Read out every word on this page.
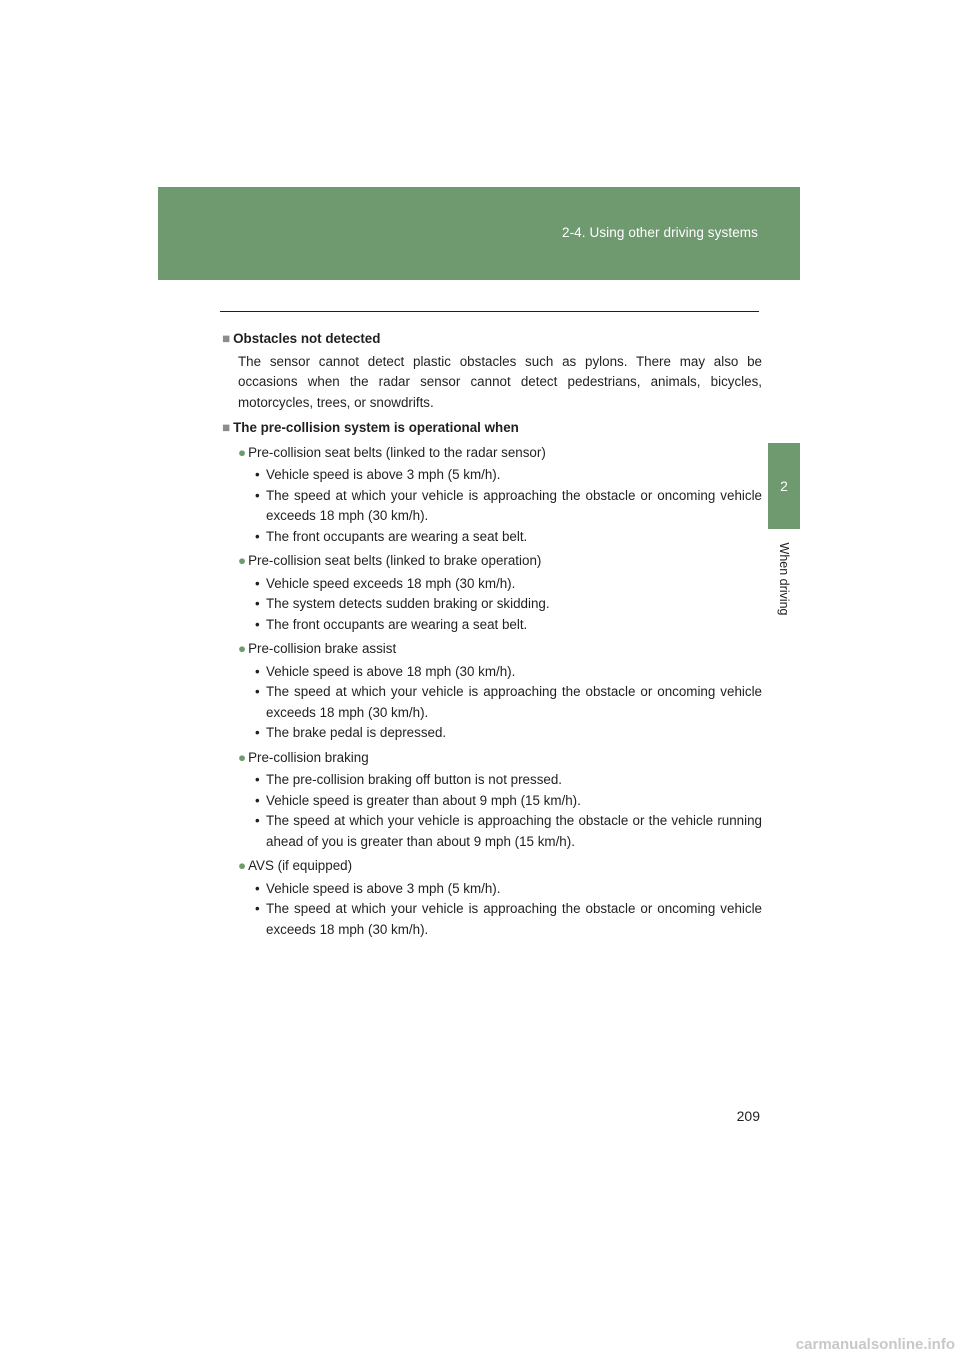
2-4. Using other driving systems
2
When driving

■ Obstacles not detected

The sensor cannot detect plastic obstacles such as pylons. There may also be occasions when the radar sensor cannot detect pedestrians, animals, bicycles, motorcycles, trees, or snowdrifts.

■ The pre-collision system is operational when

● Pre-collision seat belts (linked to the radar sensor)
• Vehicle speed is above 3 mph (5 km/h).
• The speed at which your vehicle is approaching the obstacle or oncoming vehicle exceeds 18 mph (30 km/h).
• The front occupants are wearing a seat belt.
● Pre-collision seat belts (linked to brake operation)
• Vehicle speed exceeds 18 mph (30 km/h).
• The system detects sudden braking or skidding.
• The front occupants are wearing a seat belt.
● Pre-collision brake assist
• Vehicle speed is above 18 mph (30 km/h).
• The speed at which your vehicle is approaching the obstacle or oncoming vehicle exceeds 18 mph (30 km/h).
• The brake pedal is depressed.
● Pre-collision braking
• The pre-collision braking off button is not pressed.
• Vehicle speed is greater than about 9 mph (15 km/h).
• The speed at which your vehicle is approaching the obstacle or the vehicle running ahead of you is greater than about 9 mph (15 km/h).
● AVS (if equipped)
• Vehicle speed is above 3 mph (5 km/h).
• The speed at which your vehicle is approaching the obstacle or oncoming vehicle exceeds 18 mph (30 km/h).
209
carmanualsonline.info
